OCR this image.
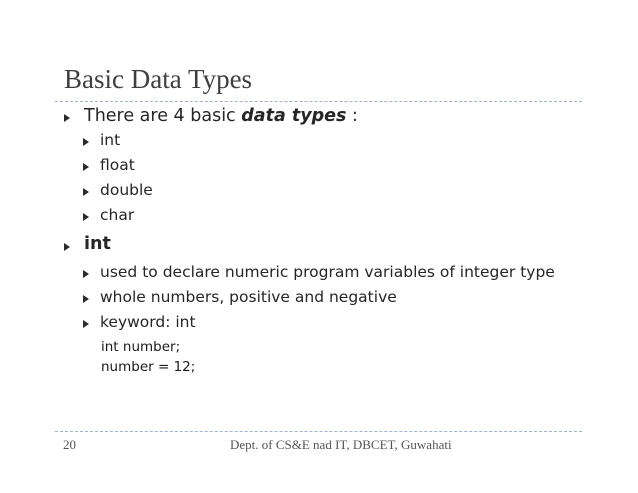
Basic Data Types
There are 4 basic data types :
int
float
double
char
int
used to declare numeric program variables of integer type
whole numbers, positive and negative
keyword: int
int number;
number = 12;
20	Dept. of CS&E nad IT, DBCET, Guwahati
